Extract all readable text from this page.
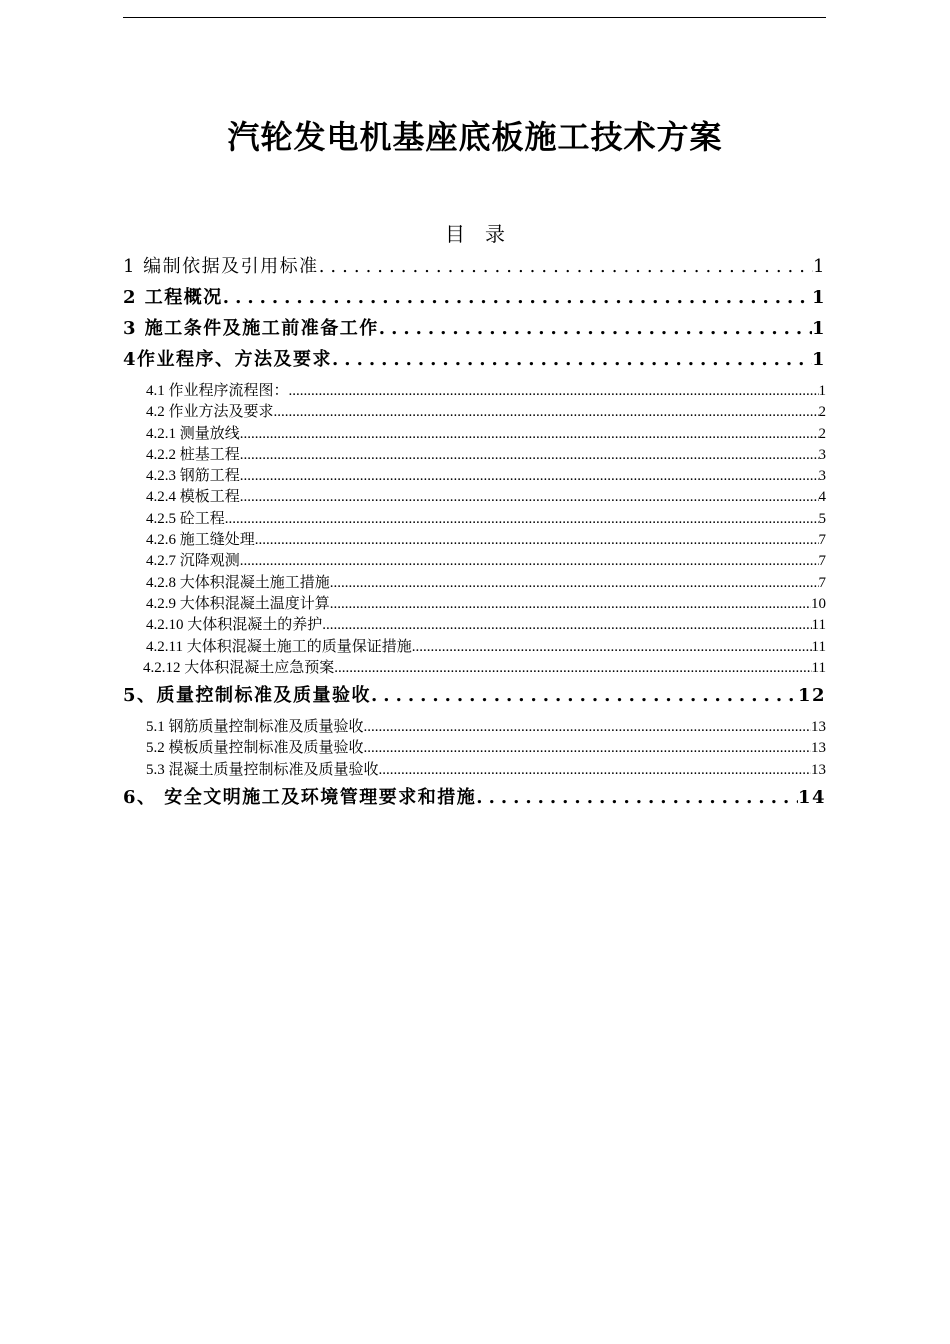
汽轮发电机基座底板施工技术方案
目 录
1 编制依据及引用标准 .....	1
2 工程概况 .....	1
3 施工条件及施工前准备工作 .....	1
4作业程序、方法及要求 .....	1
4.1 作业程序流程图： .....	1
4.2 作业方法及要求 .....	2
4.2.1 测量放线 .....	2
4.2.2 桩基工程 .....	3
4.2.3 钢筋工程 .....	3
4.2.4 模板工程 .....	4
4.2.5 砼工程 .....	5
4.2.6 施工缝处理 .....	7
4.2.7 沉降观测 .....	7
4.2.8 大体积混凝土施工措施 .....	7
4.2.9 大体积混凝土温度计算 .....	10
4.2.10 大体积混凝土的养护 .....	11
4.2.11 大体积混凝土施工的质量保证措施 .....	11
4.2.12 大体积混凝土应急预案 .....	11
5、质量控制标准及质量验收 .....	12
5.1 钢筋质量控制标准及质量验收 .....	13
5.2 模板质量控制标准及质量验收 .....	13
5.3 混凝土质量控制标准及质量验收 .....	13
6、 安全文明施工及环境管理要求和措施 .....	14
